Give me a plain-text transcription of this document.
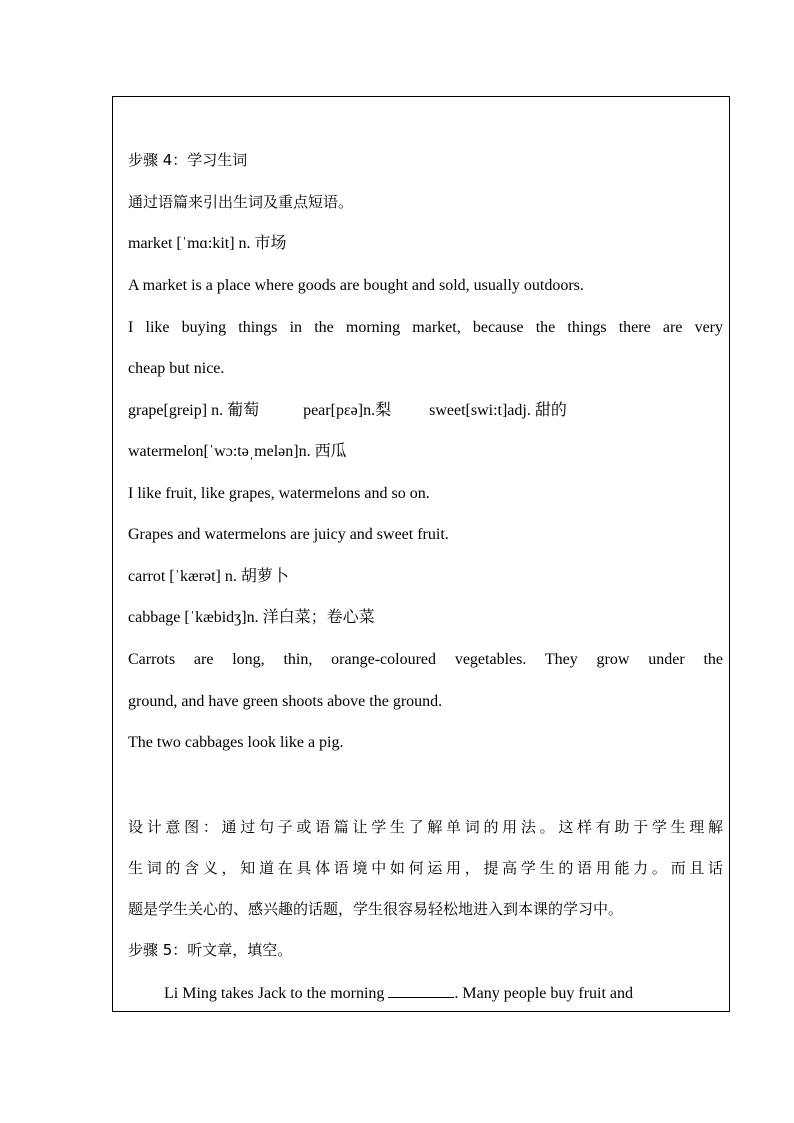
步骤 4：学习生词
通过语篇来引出生词及重点短语。
market [ˈmɑ:kit] n. 市场
A market is a place where goods are bought and sold, usually outdoors.
I like buying things in the morning market, because the things there are very
cheap but nice.
grape[greip] n. 葡萄	pear[pεə]n.梨 sweet[swi:t]adj. 甜的
watermelon[ˈwɔ:təˌmelən]n. 西瓜
I like fruit, like grapes, watermelons and so on.
Grapes and watermelons are juicy and sweet fruit.
carrot [ˈkærət] n. 胡萝卜
cabbage [ˈkæbidʒ]n. 洋白菜；卷心菜
Carrots are long, thin, orange-coloured vegetables. They grow under the
ground, and have green shoots above the ground.
The two cabbages look like a pig.
设计意图：通过句子或语篇让学生了解单词的用法。这样有助于学生理解
生词的含义，知道在具体语境中如何运用，提高学生的语用能力。而且话
题是学生关心的、感兴趣的话题，学生很容易轻松地进入到本课的学习中。
步骤 5：听文章，填空。
Li Ming takes Jack to the morning	. Many people buy fruit and
